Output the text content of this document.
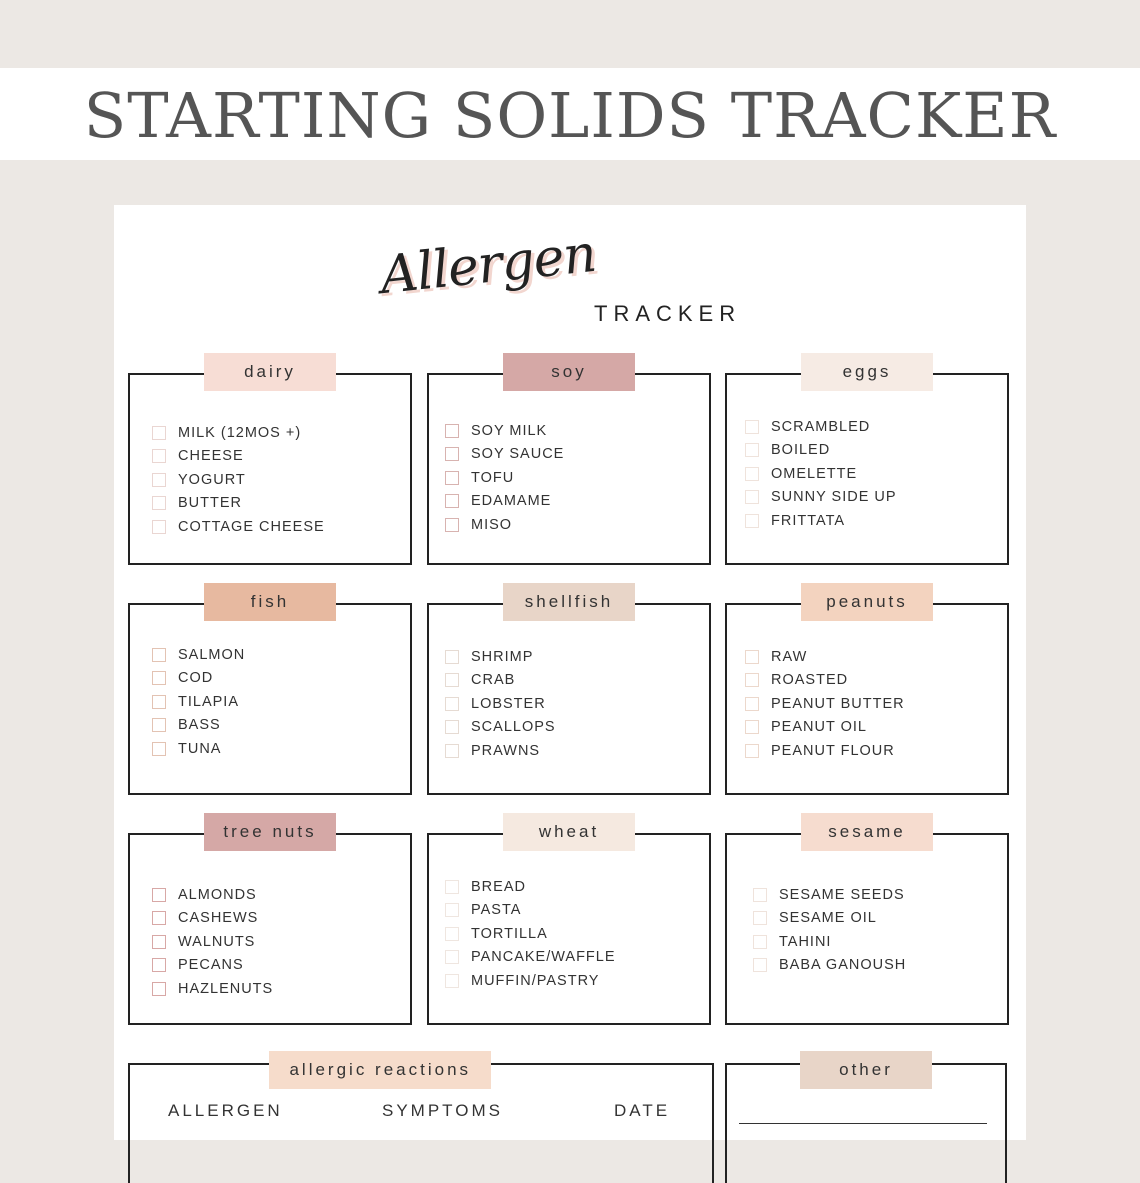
STARTING SOLIDS TRACKER
Allergen
TRACKER
dairy
MILK (12MOS +)
CHEESE
YOGURT
BUTTER
COTTAGE CHEESE
soy
SOY MILK
SOY SAUCE
TOFU
EDAMAME
MISO
eggs
SCRAMBLED
BOILED
OMELETTE
SUNNY SIDE UP
FRITTATA
fish
SALMON
COD
TILAPIA
BASS
TUNA
shellfish
SHRIMP
CRAB
LOBSTER
SCALLOPS
PRAWNS
peanuts
RAW
ROASTED
PEANUT BUTTER
PEANUT OIL
PEANUT FLOUR
tree nuts
ALMONDS
CASHEWS
WALNUTS
PECANS
HAZLENUTS
wheat
BREAD
PASTA
TORTILLA
PANCAKE/WAFFLE
MUFFIN/PASTRY
sesame
SESAME SEEDS
SESAME OIL
TAHINI
BABA GANOUSH
allergic reactions
ALLERGEN	SYMPTOMS	DATE
other
